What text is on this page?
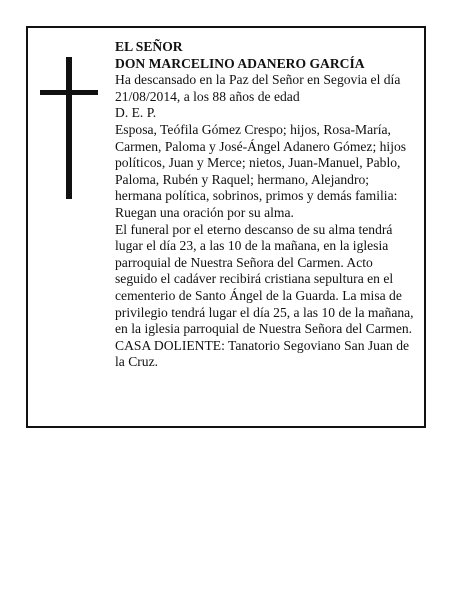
EL SEÑOR

DON MARCELINO ADANERO GARCÍA

Ha descansado en la Paz del Señor en Segovia el día 21/08/2014, a los 88 años de edad

D. E. P.

Esposa, Teófila Gómez Crespo; hijos, Rosa-María, Carmen, Paloma y José-Ángel Adanero Gómez; hijos políticos, Juan y Merce; nietos, Juan-Manuel, Pablo, Paloma, Rubén y Raquel; hermano, Alejandro; hermana política, sobrinos, primos y demás familia:

Ruegan una oración por su alma.

El funeral por el eterno descanso de su alma tendrá lugar el día 23, a las 10 de la mañana, en la iglesia parroquial de Nuestra Señora del Carmen. Acto seguido el cadáver recibirá cristiana sepultura en el cementerio de Santo Ángel de la Guarda. La misa de privilegio tendrá lugar el día 25, a las 10 de la mañana, en la iglesia parroquial de Nuestra Señora del Carmen.

CASA DOLIENTE: Tanatorio Segoviano San Juan de la Cruz.
